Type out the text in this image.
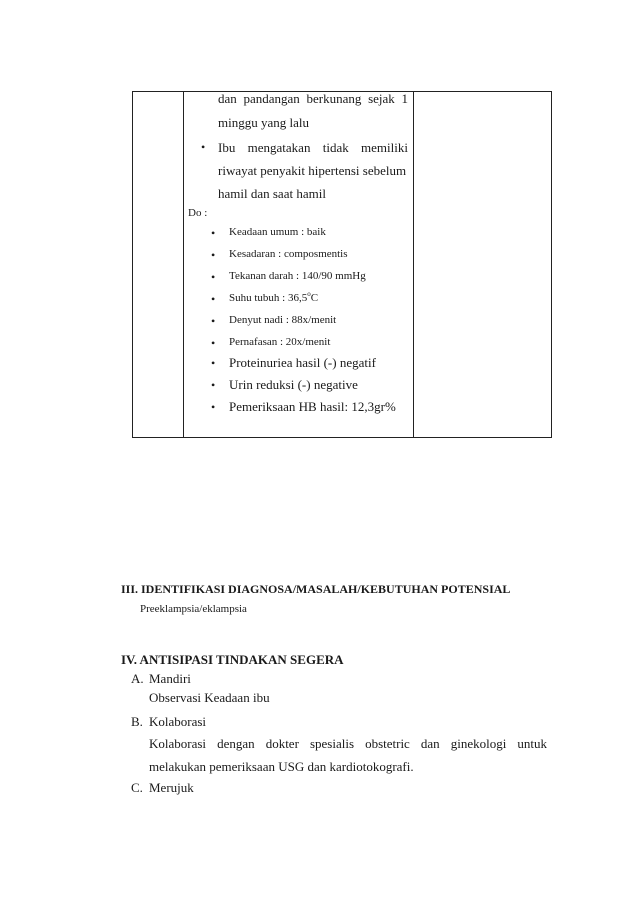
dan pandangan berkunang sejak 1
minggu yang lalu
• Ibu mengatakan tidak memiliki
riwayat penyakit hipertensi sebelum
hamil dan saat hamil
Do :
• Keadaan umum : baik
• Kesadaran : composmentis
• Tekanan darah : 140/90 mmHg
• Suhu tubuh : 36,5$^o$C
• Denyut nadi : 88x/menit
• Pernafasan : 20x/menit
• Proteinuriea hasil (-) negatif
• Urin reduksi (-) negative
• Pemeriksaan HB hasil: 12,3gr%
III. IDENTIFIKASI DIAGNOSA/MASALAH/KEBUTUHAN POTENSIAL
Preeklampsia/eklampsia
IV. ANTISIPASI TINDAKAN SEGERA
A. Mandiri
Observasi Keadaan ibu
B. Kolaborasi
Kolaborasi dengan dokter spesialis obstetric dan ginekologi untuk
melakukan pemeriksaan USG dan kardiotokografi.
C. Merujuk
